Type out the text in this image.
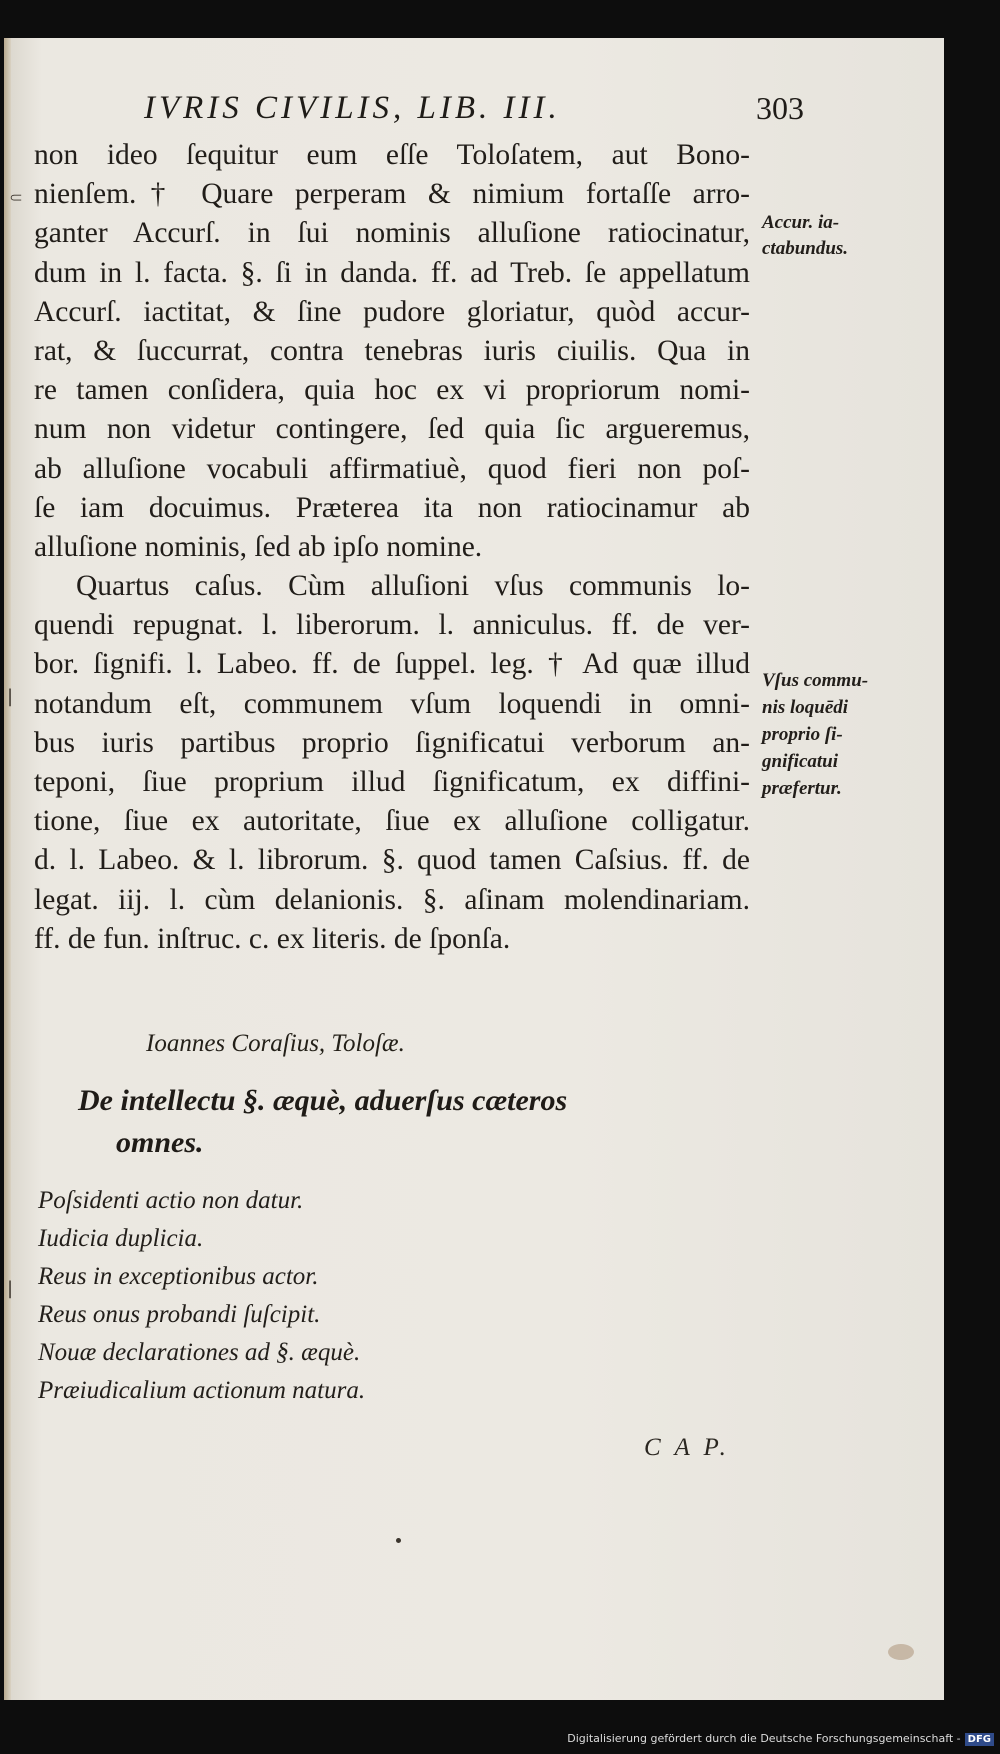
IVRIS CIVILIS, LIB. III.	303
non ideo ſequitur eum eſſe Toloſatem, aut Bono-
nienſem.† Quare perperam & nimium fortaſſe arro-
ganter Accurſ. in ſui nominis alluſione ratiocinatur,
dum in l. facta. §. ſi in danda. ff. ad Treb. ſe appellatum
Accurſ. iactitat, & ſine pudore gloriatur, quòd accur-
rat, & ſuccurrat, contra tenebras iuris ciuilis. Qua in
re tamen conſidera, quia hoc ex vi propriorum nomi-
num non videtur contingere, ſed quia ſic argueremus,
ab alluſione vocabuli affirmatiuè, quod fieri non poſ-
ſe iam docuimus. Præterea ita non ratiocinamur ab
alluſione nominis, ſed ab ipſo nomine.
Quartus caſus. Cùm alluſioni vſus communis lo-
quendi repugnat. l. liberorum. l. anniculus. ff. de ver-
bor. ſignifi. l. Labeo. ff. de ſuppel. leg. † Ad quæ illud
notandum eſt, communem vſum loquendi in omni-
bus iuris partibus proprio ſignificatui verborum an-
teponi, ſiue proprium illud ſignificatum, ex diffini-
tione, ſiue ex autoritate, ſiue ex alluſione colligatur.
d. l. Labeo. & l. librorum. §. quod tamen Caſsius. ff. de
legat. iij. l. cùm delanionis. §. aſinam molendinariam.
ff. de fun. inſtruc. c. ex literis. de ſponſa.
Accur. ia-
ctabundus.
Vſus commu-
nis loquēdi
proprio ſi-
gnificatui
præfertur.
Ioannes Coraſius, Toloſæ.
De intellectu §. æquè, aduerſus cæteros
omnes.
Poſsidenti actio non datur.
Iudicia duplicia.
Reus in exceptionibus actor.
Reus onus probandi ſuſcipit.
Nouæ declarationes ad §. æquè.
Præiudicalium actionum natura.
C A P.
⸦
|
|
Digitalisierung gefördert durch die Deutsche Forschungsgemeinschaft - DFG
